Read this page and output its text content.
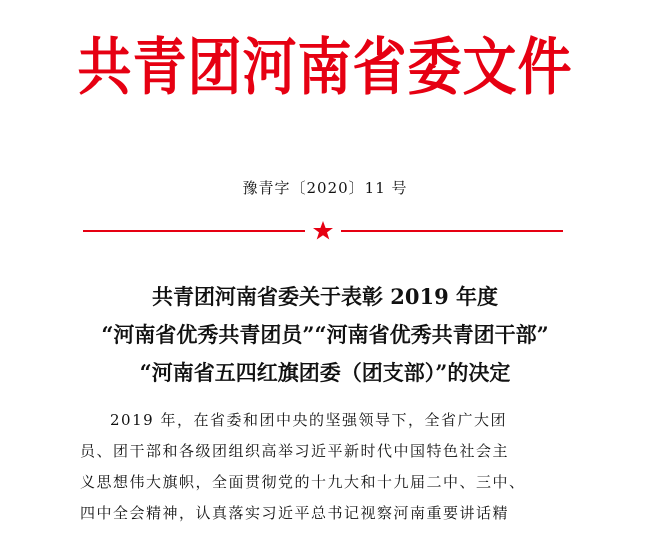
共青团河南省委文件
豫青字〔2020〕11 号
共青团河南省委关于表彰 2019 年度
“河南省优秀共青团员”“河南省优秀共青团干部”
“河南省五四红旗团委（团支部）”的决定
2019 年，在省委和团中央的坚强领导下，全省广大团
员、团干部和各级团组织高举习近平新时代中国特色社会主
义思想伟大旗帜，全面贯彻党的十九大和十九届二中、三中、
四中全会精神，认真落实习近平总书记视察河南重要讲话精
